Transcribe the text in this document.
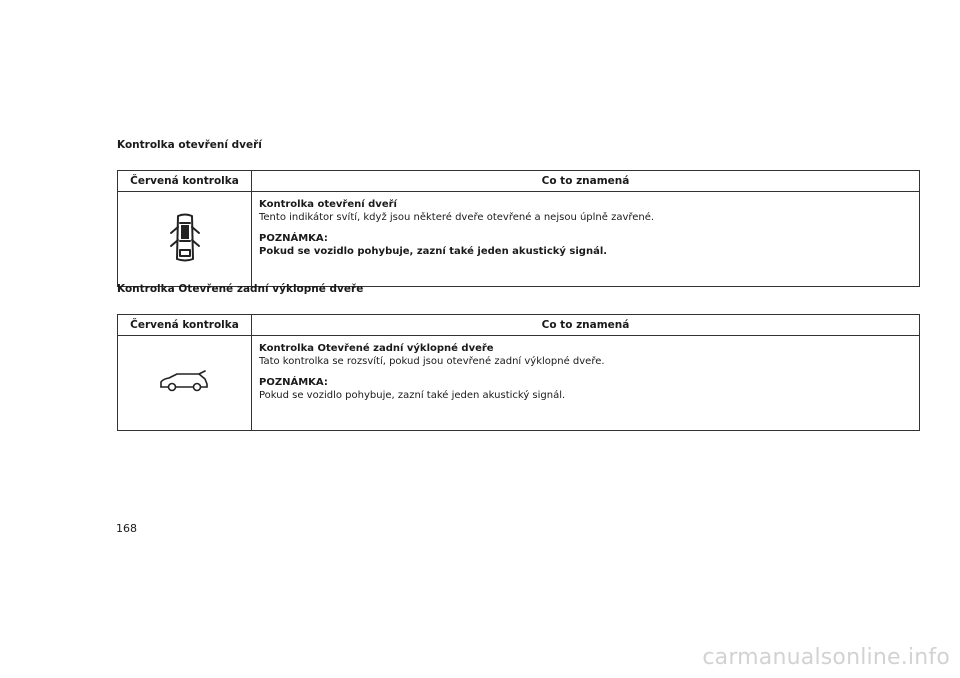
Kontrolka otevření dveří
Červená kontrolka	Co to znamená

Kontrolka otevření dveří
Tento indikátor svítí, když jsou některé dveře otevřené a nejsou úplně zavřené.
POZNÁMKA:
Pokud se vozidlo pohybuje, zazní také jeden akustický signál.
Kontrolka Otevřené zadní výklopné dveře
Červená kontrolka	Co to znamená

Kontrolka Otevřené zadní výklopné dveře
Tato kontrolka se rozsvítí, pokud jsou otevřené zadní výklopné dveře.
POZNÁMKA:
Pokud se vozidlo pohybuje, zazní také jeden akustický signál.
168
carmanualsonline.info
